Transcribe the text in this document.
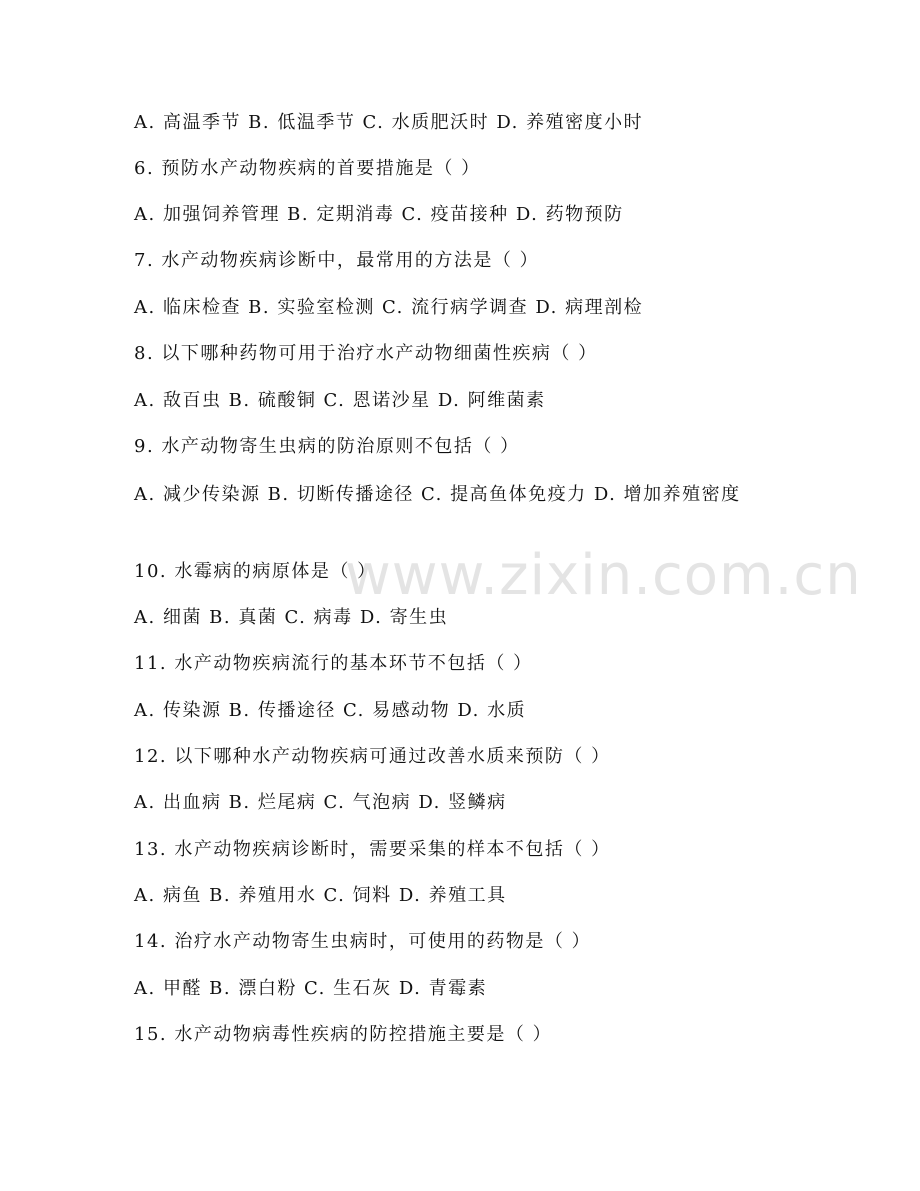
www.zixin.com.cn
A. 高温季节 B. 低温季节 C. 水质肥沃时 D. 养殖密度小时
6. 预防水产动物疾病的首要措施是（ ）
A. 加强饲养管理 B. 定期消毒 C. 疫苗接种 D. 药物预防
7. 水产动物疾病诊断中，最常用的方法是（ ）
A. 临床检查 B. 实验室检测 C. 流行病学调查 D. 病理剖检
8. 以下哪种药物可用于治疗水产动物细菌性疾病（ ）
A. 敌百虫 B. 硫酸铜 C. 恩诺沙星 D. 阿维菌素
9. 水产动物寄生虫病的防治原则不包括（ ）
A. 减少传染源 B. 切断传播途径 C. 提高鱼体免疫力 D. 增加养殖密度
10. 水霉病的病原体是（ ）
A. 细菌 B. 真菌 C. 病毒 D. 寄生虫
11. 水产动物疾病流行的基本环节不包括（ ）
A. 传染源 B. 传播途径 C. 易感动物 D. 水质
12. 以下哪种水产动物疾病可通过改善水质来预防（ ）
A. 出血病 B. 烂尾病 C. 气泡病 D. 竖鳞病
13. 水产动物疾病诊断时，需要采集的样本不包括（ ）
A. 病鱼 B. 养殖用水 C. 饲料 D. 养殖工具
14. 治疗水产动物寄生虫病时，可使用的药物是（ ）
A. 甲醛 B. 漂白粉 C. 生石灰 D. 青霉素
15. 水产动物病毒性疾病的防控措施主要是（ ）
